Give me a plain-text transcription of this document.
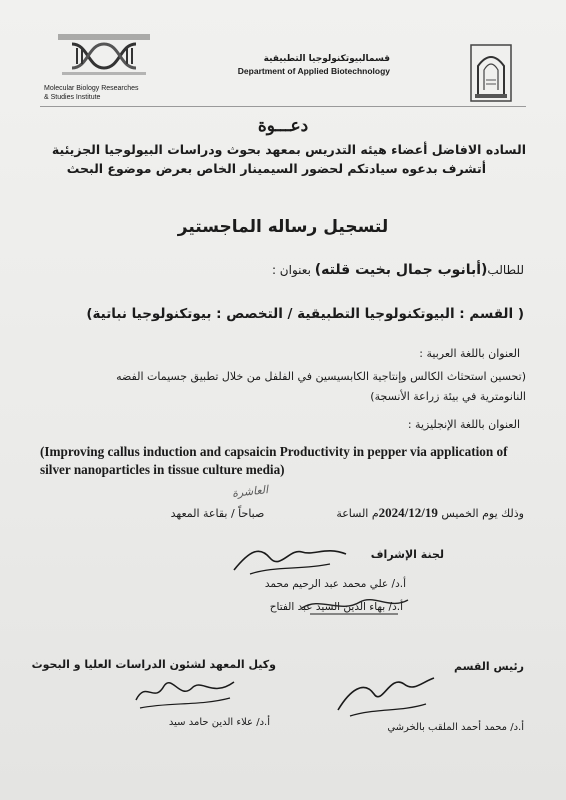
Molecular Biology Researches
& Studies Institute
قسمالبيوتكنولوجيا التطبيقية
Department of Applied Biotechnology
دعـــوة
الساده الافاضل أعضاء هيئه التدريس بمعهد بحوث ودراسات البيولوجيا الجزيئية
أتشرف بدعوه سيادتكم لحضور السيمينار الخاص بعرض موضوع البحث
لتسجيل رساله الماجستير
للطالب(أبانوب جمال بخيت قلته) بعنوان :
( القسم : البيوتكنولوجيا التطبيقية / التخصص : بيوتكنولوجيا نباتية)
العنوان باللغة العربية :
(تحسين استحثاث الكالس وإنتاجية الكابسيسين في الفلفل من خلال تطبيق جسيمات الفضه
النانومترية في بيئة زراعة الأنسجة)
العنوان باللغة الإنجليزية :
(Improving callus induction and capsaicin Productivity in pepper via application of silver nanoparticles in tissue culture media)
العاشرة
وذلك يوم الخميس 2024/12/19م الساعةصباحاً / بقاعة المعهد
لجنة الإشراف
أ.د/ علي محمد عبد الرحيم محمد
أ.د/ بهاء الدين السيد عبد الفتاح
رئيس القسم
وكيل المعهد لشئون الدراسات العليا و البحوث
أ.د/ محمد أحمد الملقب بالخرشي
أ.د/ علاء الدين حامد سيد
